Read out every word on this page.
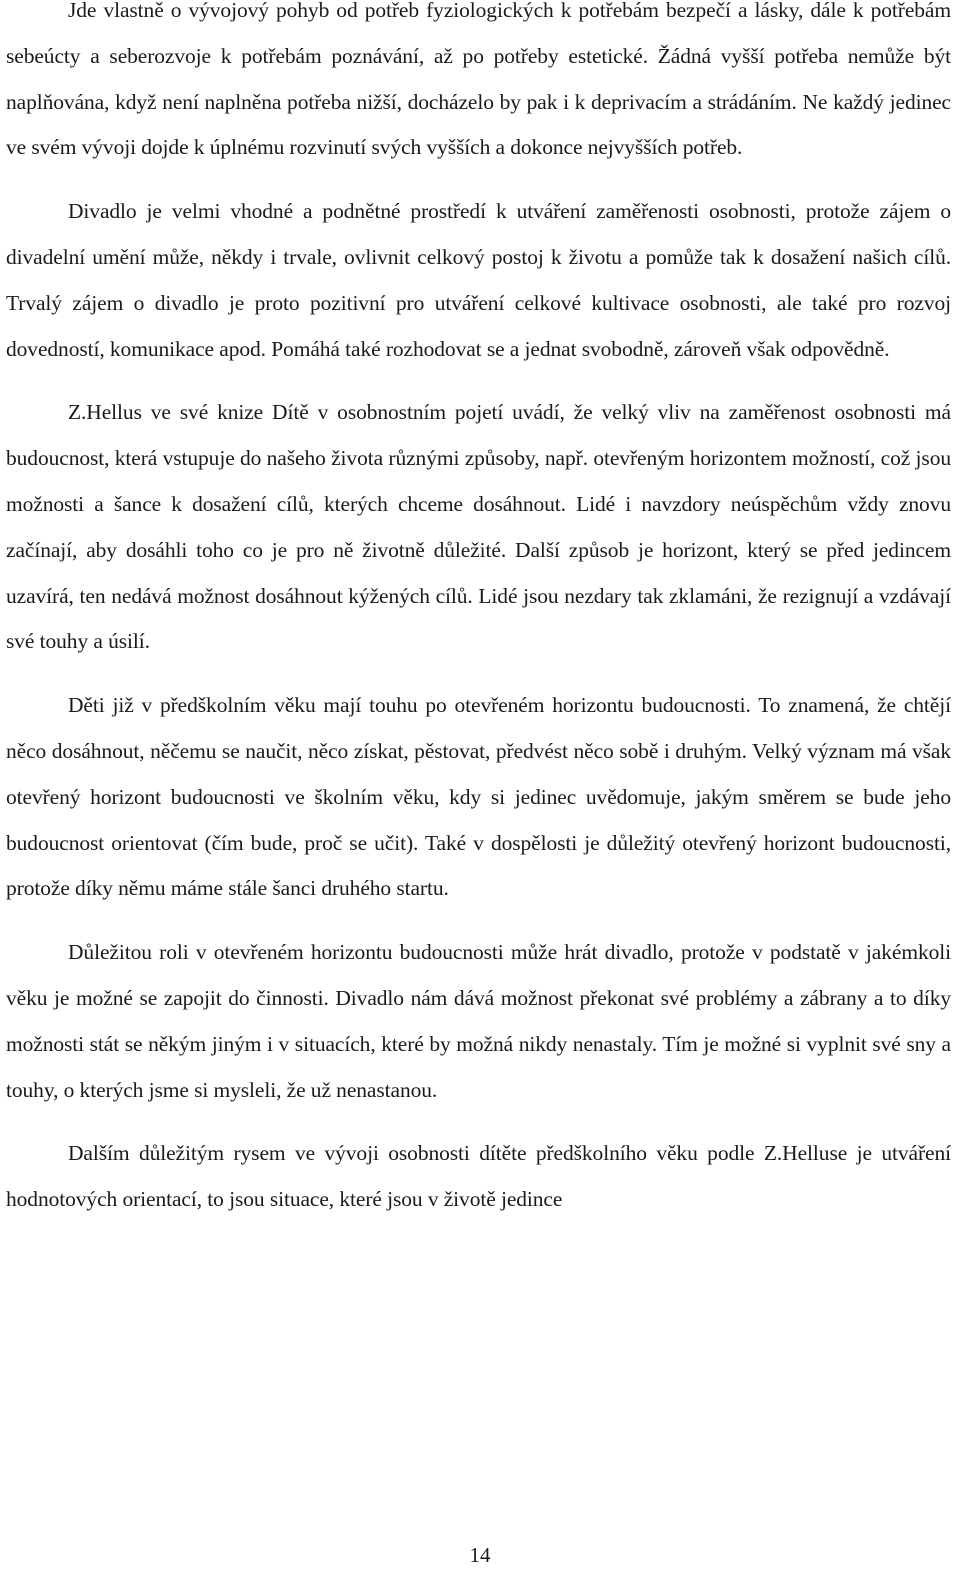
Jde vlastně o vývojový pohyb od potřeb fyziologických k potřebám bezpečí a lásky, dále k potřebám sebeúcty a seberozvoje k potřebám poznávání, až po potřeby estetické. Žádná vyšší potřeba nemůže být naplňována, když není naplněna potřeba nižší, docházelo by pak i k deprivacím a strádáním. Ne každý jedinec ve svém vývoji dojde k úplnému rozvinutí svých vyšších a dokonce nejvyšších potřeb.

Divadlo je velmi vhodné a podnětné prostředí k utváření zaměřenosti osobnosti, protože zájem o divadelní umění může, někdy i trvale, ovlivnit celkový postoj k životu a pomůže tak k dosažení našich cílů. Trvalý zájem o divadlo je proto pozitivní pro utváření celkové kultivace osobnosti, ale také pro rozvoj dovedností, komunikace apod. Pomáhá také rozhodovat se a jednat svobodně, zároveň však odpovědně.

Z.Hellus ve své knize Dítě v osobnostním pojetí uvádí, že velký vliv na zaměřenost osobnosti má budoucnost, která vstupuje do našeho života různými způsoby, např. otevřeným horizontem možností, což jsou možnosti a šance k dosažení cílů, kterých chceme dosáhnout. Lidé i navzdory neúspěchům vždy znovu začínají, aby dosáhli toho co je pro ně životně důležité. Další způsob je horizont, který se před jedincem uzavírá, ten nedává možnost dosáhnout kýžených cílů. Lidé jsou nezdary tak zklamáni, že rezignují a vzdávají své touhy a úsilí.

Děti již v předškolním věku mají touhu po otevřeném horizontu budoucnosti. To znamená, že chtějí něco dosáhnout, něčemu se naučit, něco získat, pěstovat, předvést něco sobě i druhým. Velký význam má však otevřený horizont budoucnosti ve školním věku, kdy si jedinec uvědomuje, jakým směrem se bude jeho budoucnost orientovat (čím bude, proč se učit). Také v dospělosti je důležitý otevřený horizont budoucnosti, protože díky němu máme stále šanci druhého startu.

Důležitou roli v otevřeném horizontu budoucnosti může hrát divadlo, protože v podstatě v jakémkoli věku je možné se zapojit do činnosti. Divadlo nám dává možnost překonat své problémy a zábrany a to díky možnosti stát se někým jiným i v situacích, které by možná nikdy nenastaly. Tím je možné si vyplnit své sny a touhy, o kterých jsme si mysleli, že už nenastanou.

Dalším důležitým rysem ve vývoji osobnosti dítěte předškolního věku podle Z.Helluse je utváření hodnotových orientací, to jsou situace, které jsou v životě jedince

14
